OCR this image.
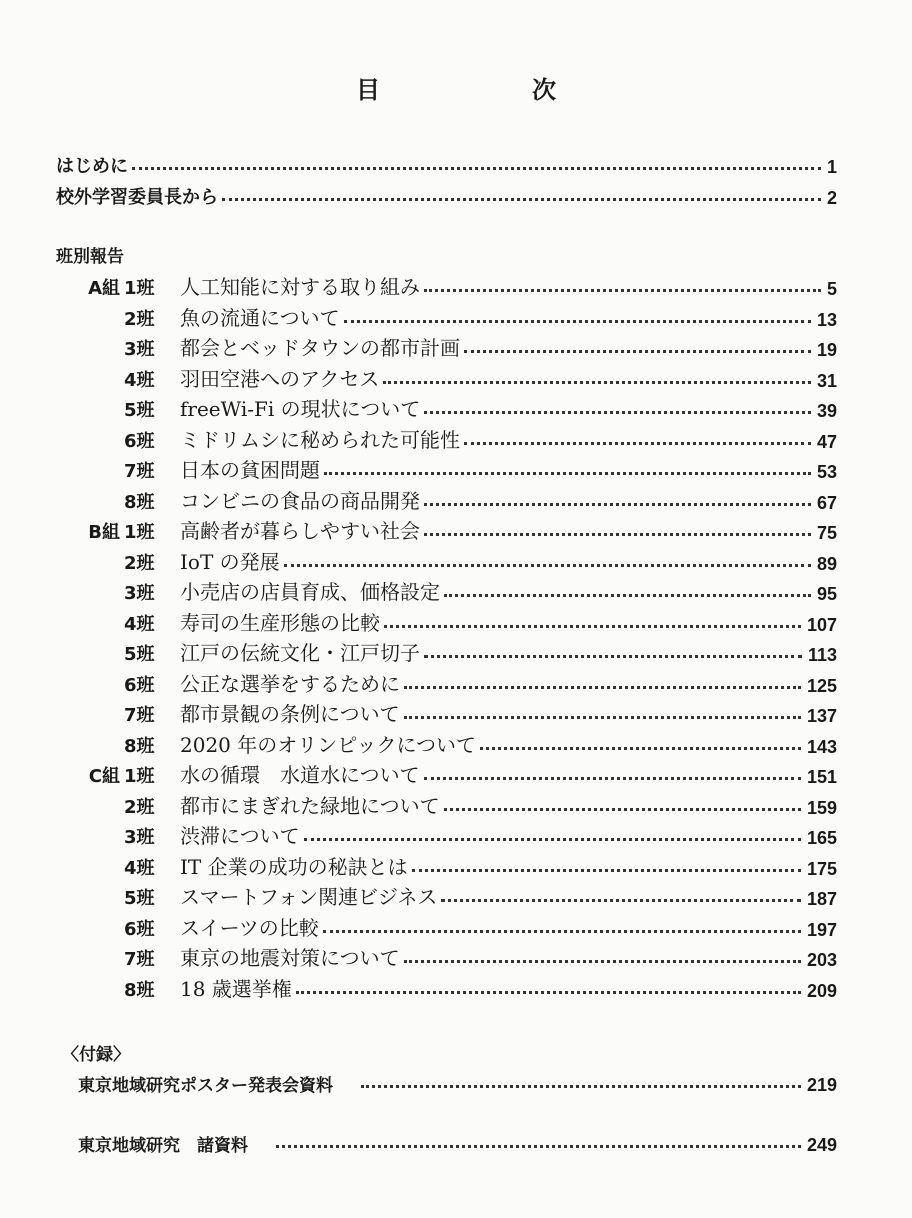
目　次
はじめに	1
校外学習委員長から	2
班別報告
A組 1班	人工知能に対する取り組み	5
2班	魚の流通について	13
3班	都会とベッドタウンの都市計画	19
4班	羽田空港へのアクセス	31
5班	freeWi-Fi の現状について	39
6班	ミドリムシに秘められた可能性	47
7班	日本の貧困問題	53
8班	コンビニの食品の商品開発	67
B組 1班	高齢者が暮らしやすい社会	75
2班	IoT の発展	89
3班	小売店の店員育成、価格設定	95
4班	寿司の生産形態の比較	107
5班	江戸の伝統文化・江戸切子	113
6班	公正な選挙をするために	125
7班	都市景観の条例について	137
8班	2020 年のオリンピックについて	143
C組 1班	水の循環　水道水について	151
2班	都市にまぎれた緑地について	159
3班	渋滞について	165
4班	IT 企業の成功の秘訣とは	175
5班	スマートフォン関連ビジネス	187
6班	スイーツの比較	197
7班	東京の地震対策について	203
8班	18 歳選挙権	209
〈付録〉
東京地域研究ポスター発表会資料	219
東京地域研究　諸資料	249
